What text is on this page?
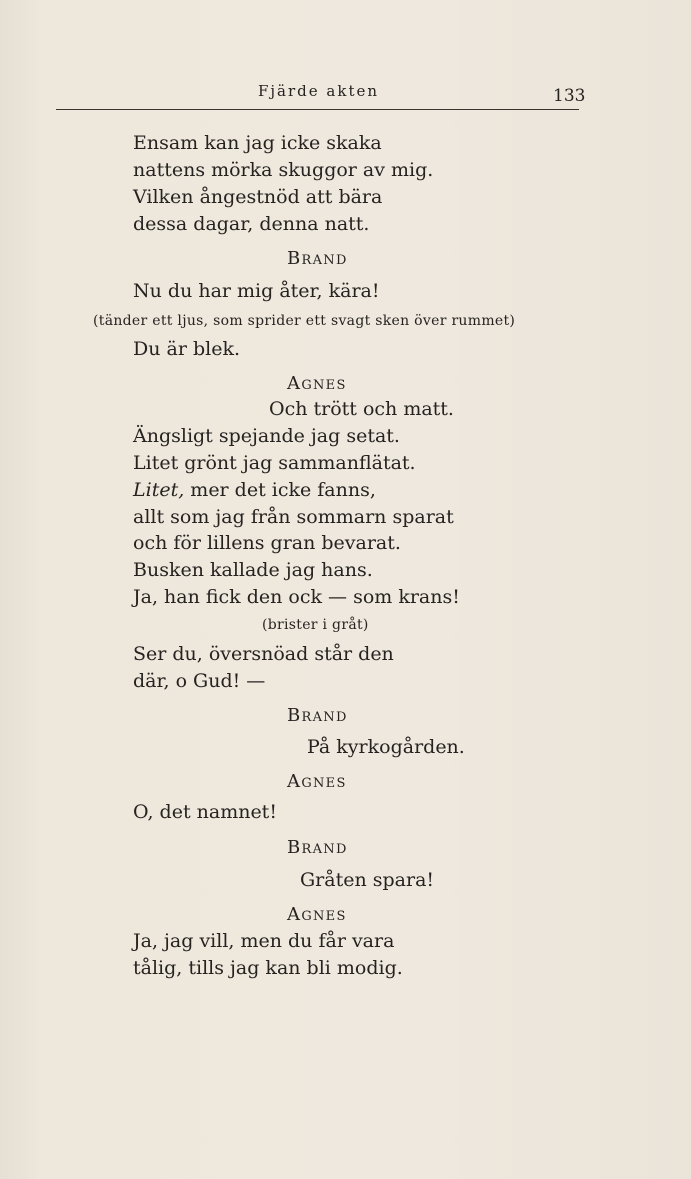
Fjärde akten	133
Ensam kan jag icke skaka
nattens mörka skuggor av mig.
Vilken ångestnöd att bära
dessa dagar, denna natt.
BRAND
Nu du har mig åter, kära!
(tänder ett ljus, som sprider ett svagt sken över rummet)
Du är blek.
AGNES
Och trött och matt.
Ängsligt spejande jag setat.
Litet grönt jag sammanflätat.
Litet, mer det icke fanns,
allt som jag från sommarn sparat
och för lillens gran bevarat.
Busken kallade jag hans.
Ja, han fick den ock — som krans!
(brister i gråt)
Ser du, översnöad står den
där, o Gud! —
BRAND
På kyrkogården.
AGNES
O, det namnet!
BRAND
Gråten spara!
AGNES
Ja, jag vill, men du får vara
tålig, tills jag kan bli modig.
